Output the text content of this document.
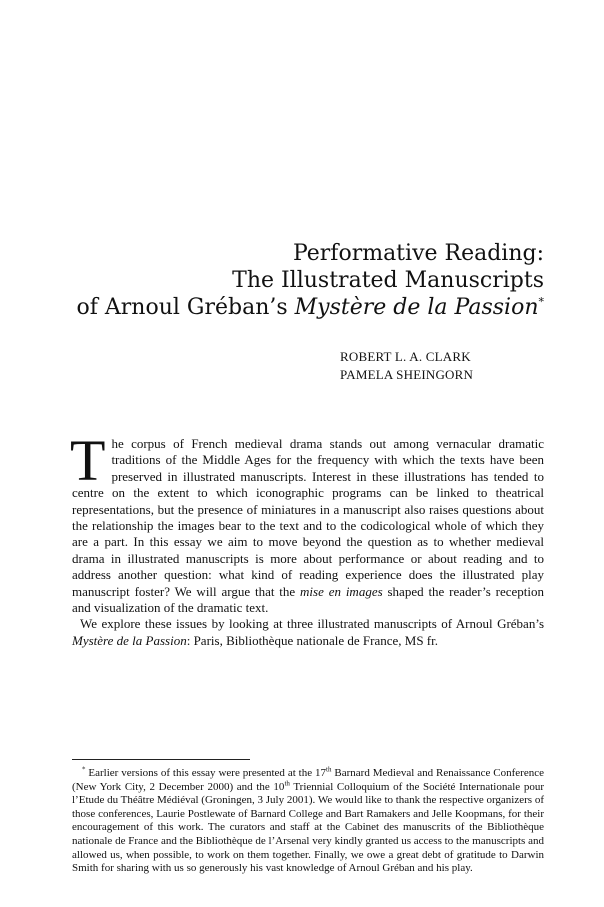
Performative Reading:
The Illustrated Manuscripts
of Arnoul Gréban’s Mystère de la Passion*
ROBERT L. A. CLARK
PAMELA SHEINGORN

The corpus of French medieval drama stands out among vernacular dramatic traditions of the Middle Ages for the frequency with which the texts have been preserved in illustrated manuscripts. Interest in these illustrations has tended to centre on the extent to which iconographic programs can be linked to theatrical representations, but the presence of miniatures in a manuscript also raises questions about the relationship the images bear to the text and to the codicological whole of which they are a part. In this essay we aim to move beyond the question as to whether medieval drama in illustrated manuscripts is more about performance or about reading and to address another question: what kind of reading experience does the illustrated play manuscript foster? We will argue that the mise en images shaped the reader’s reception and visualization of the dramatic text.

We explore these issues by looking at three illustrated manuscripts of Arnoul Gréban’s Mystère de la Passion: Paris, Bibliothèque nationale de France, MS fr.

* Earlier versions of this essay were presented at the 17th Barnard Medieval and Renaissance Conference (New York City, 2 December 2000) and the 10th Triennial Colloquium of the Société Internationale pour l’Etude du Théâtre Médiéval (Groningen, 3 July 2001). We would like to thank the respective organizers of those conferences, Laurie Postlewate of Barnard College and Bart Ramakers and Jelle Koopmans, for their encouragement of this work. The curators and staff at the Cabinet des manuscrits of the Bibliothèque nationale de France and the Bibliothèque de l’Arsenal very kindly granted us access to the manuscripts and allowed us, when possible, to work on them together. Finally, we owe a great debt of gratitude to Darwin Smith for sharing with us so generously his vast knowledge of Arnoul Gréban and his play.
